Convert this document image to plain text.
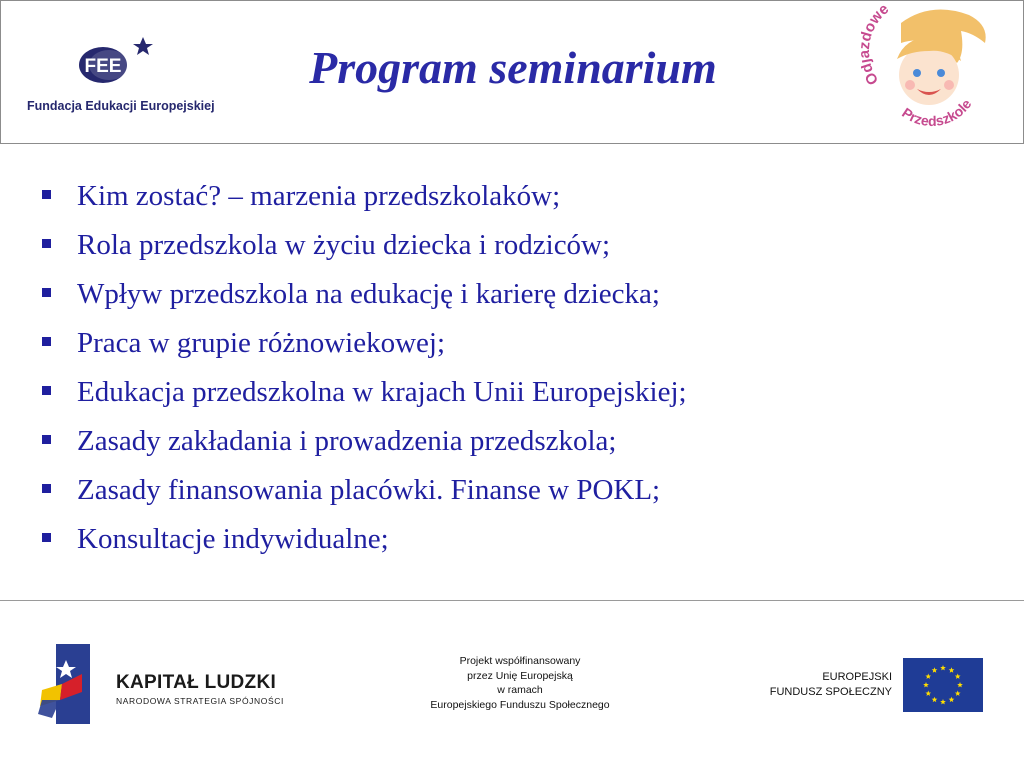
FEE
Fundacja Edukacji Europejskiej
Program seminarium	O owe
Przedszkole
Kim zostać? – marzenia przedszkolaków;
Rola przedszkola w życiu dziecka i rodziców;
Wpływ przedszkola na edukację i karierę dziecka;
Praca w grupie różnowiekowej;
Edukacja przedszkolna w krajach Unii Europejskiej;
Zasady zakładania i prowadzenia przedszkola;
Zasady finansowania placówki. Finanse w POKL;
Konsultacje indywidualne;
KAPITAŁ LUDZKI
NARODOWA STRATEGIA SPÓJNOŚCI
Projekt współfinansowany
przez Unię Europejską
w ramach
Europejskiego Funduszu Społecznego
EUROPEJSKI
FUNDUSZ SPOŁECZNY
